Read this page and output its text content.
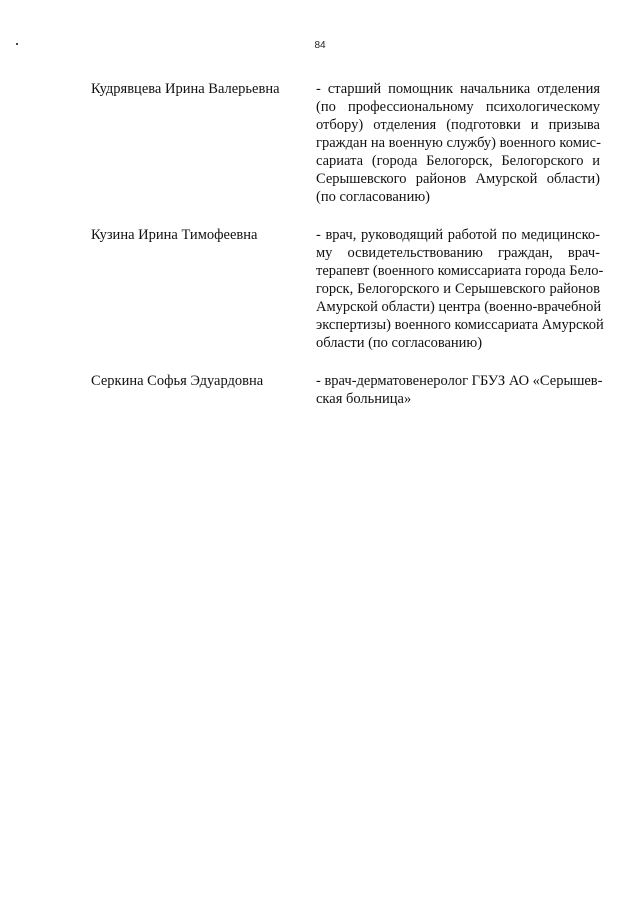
84
Кудрявцева Ирина Валерьевна	- старший помощник начальника отделения
(по профессиональному психологическому
отбору) отделения (подготовки и призыва
граждан на военную службу) военного комис-
сариата (города Белогорск, Белогорского и
Серышевского районов Амурской области)
(по согласованию)
Кузина Ирина Тимофеевна	- врач, руководящий работой по медицинско-
му освидетельствованию граждан, врач-
терапевт (военного комиссариата города Бело-
горск, Белогорского и Серышевского районов
Амурской области) центра (военно-врачебной
экспертизы) военного комиссариата Амурской
области (по согласованию)
Серкина Софья Эдуардовна	- врач-дерматовенеролог ГБУЗ АО «Серышев-
ская больница»
